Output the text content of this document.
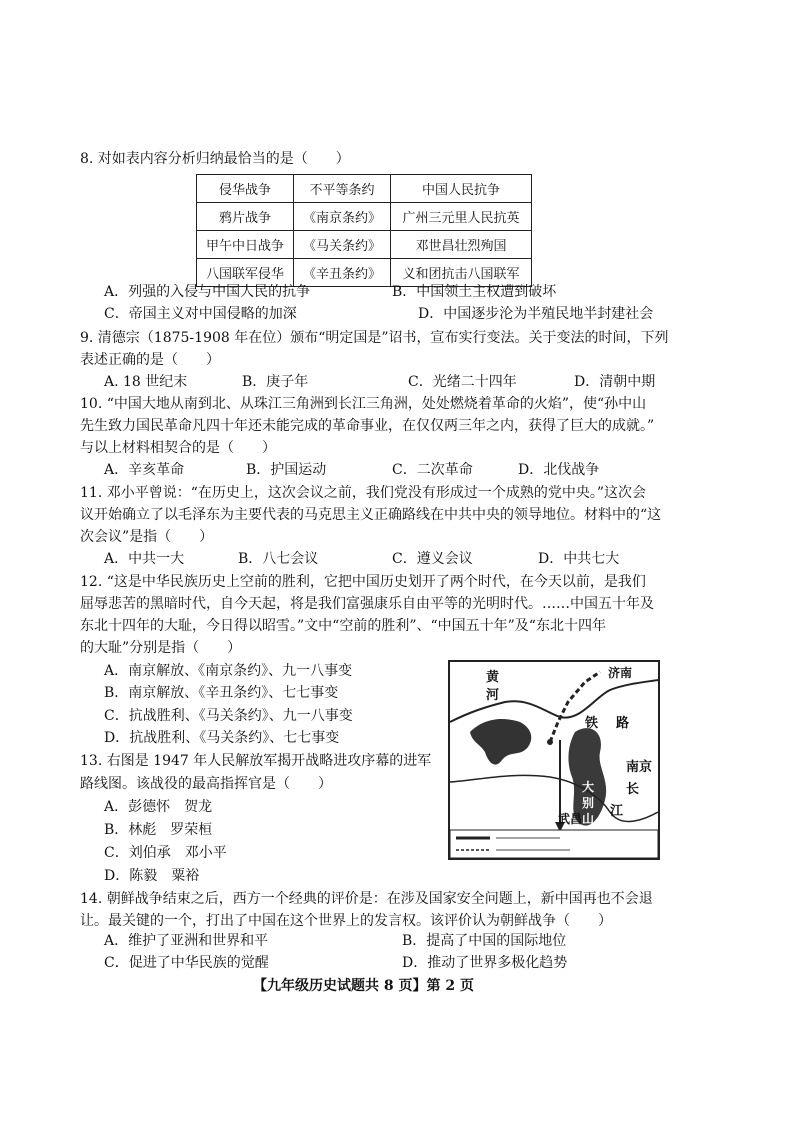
8. 对如表内容分析归纳最恰当的是（　　）
侵华战争	不平等条约	中国人民抗争
鸦片战争	《南京条约》	广州三元里人民抗英
甲午中日战争	《马关条约》	邓世昌壮烈殉国
八国联军侵华	《辛丑条约》	义和团抗击八国联军
A．列强的入侵与中国人民的抗争	B．中国领土主权遭到破坏
C．帝国主义对中国侵略的加深	D．中国逐步沦为半殖民地半封建社会
9. 清德宗（1875-1908 年在位）颁布“明定国是”诏书，宣布实行变法。关于变法的时间，下列
表述正确的是（　　）
A. 18 世纪末	B．庚子年	C．光绪二十四年	D．清朝中期
10. “中国大地从南到北、从珠江三角洲到长江三角洲，处处燃烧着革命的火焰”，使“孙中山
先生致力国民革命凡四十年还未能完成的革命事业，在仅仅两三年之内，获得了巨大的成就。”
与以上材料相契合的是（　　）
A．辛亥革命	B．护国运动	C．二次革命	D．北伐战争
11. 邓小平曾说：“在历史上，这次会议之前，我们党没有形成过一个成熟的党中央。”这次会
议开始确立了以毛泽东为主要代表的马克思主义正确路线在中共中央的领导地位。材料中的“这
次会议”是指（　　）
A．中共一大	B．八七会议	C．遵义会议	D．中共七大
12. “这是中华民族历史上空前的胜利，它把中国历史划开了两个时代，在今天以前，是我们
屈辱悲苦的黑暗时代，自今天起，将是我们富强康乐自由平等的光明时代。……中国五十年及
东北十四年的大耻，今日得以昭雪。”文中“空前的胜利”、“中国五十年”及“东北十四年
的大耻”分别是指（　　）
A．南京解放、《南京条约》、九一八事变
B．南京解放、《辛丑条约》、七七事变
C．抗战胜利、《马关条约》、九一八事变
D．抗战胜利、《马关条约》、七七事变
13. 右图是 1947 年人民解放军揭开战略进攻序幕的进军
路线图。该战役的最高指挥官是（　　）
A．彭德怀　贺龙
B．林彪　罗荣桓
C．刘伯承　邓小平
D．陈毅　粟裕
黄
河
济南
铁 路
南京
长
江
大
别
山
武昌
14. 朝鲜战争结束之后，西方一个经典的评价是：在涉及国家安全问题上，新中国再也不会退
让。最关键的一个，打出了中国在这个世界上的发言权。该评价认为朝鲜战争（　　）
A．维护了亚洲和世界和平	B．提高了中国的国际地位
C．促进了中华民族的觉醒	D．推动了世界多极化趋势
【九年级历史试题共 8 页】第 2 页
